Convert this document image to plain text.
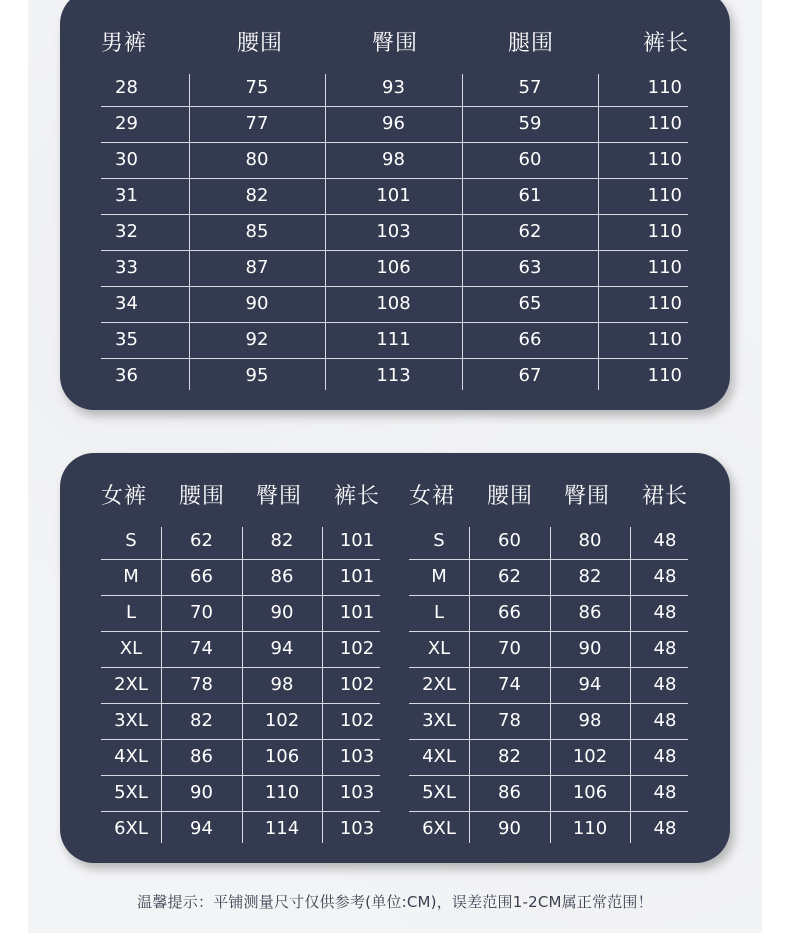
男裤	腰围	臀围	腿围	裤长
28	75	93	57	110
29	77	96	59	110
30	80	98	60	110
31	82	101	61	110
32	85	103	62	110
33	87	106	63	110
34	90	108	65	110
35	92	111	66	110
36	95	113	67	110
女裤	腰围	臀围	裤长
S	62	82	101
M	66	86	101
L	70	90	101
XL	74	94	102
2XL	78	98	102
3XL	82	102	102
4XL	86	106	103
5XL	90	110	103
6XL	94	114	103
女裙	腰围	臀围	裙长
S	60	80	48
M	62	82	48
L	66	86	48
XL	70	90	48
2XL	74	94	48
3XL	78	98	48
4XL	82	102	48
5XL	86	106	48
6XL	90	110	48
温馨提示：平铺测量尺寸仅供参考(单位:CM)，误差范围1-2CM属正常范围！
